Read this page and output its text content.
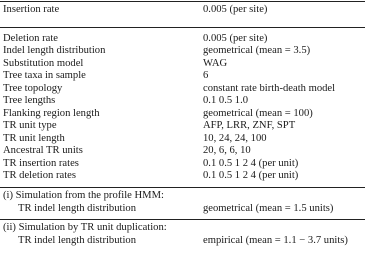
Insertion rate	0.005 (per site)
Deletion rate	0.005 (per site)
Indel length distribution	geometrical (mean = 3.5)
Substitution model	WAG
Tree taxa in sample	6
Tree topology	constant rate birth-death model
Tree lengths	0.1 0.5 1.0
Flanking region length	geometrical (mean = 100)
TR unit type	AFP, LRR, ZNF, SPT
TR unit length	10, 24, 24, 100
Ancestral TR units	20, 6, 6, 10
TR insertion rates	0.1 0.5 1 2 4 (per unit)
TR deletion rates	0.1 0.5 1 2 4 (per unit)
(i) Simulation from the profile HMM:
TR indel length distribution	geometrical (mean = 1.5 units)
(ii) Simulation by TR unit duplication:
TR indel length distribution	empirical (mean = 1.1 − 3.7 units)
